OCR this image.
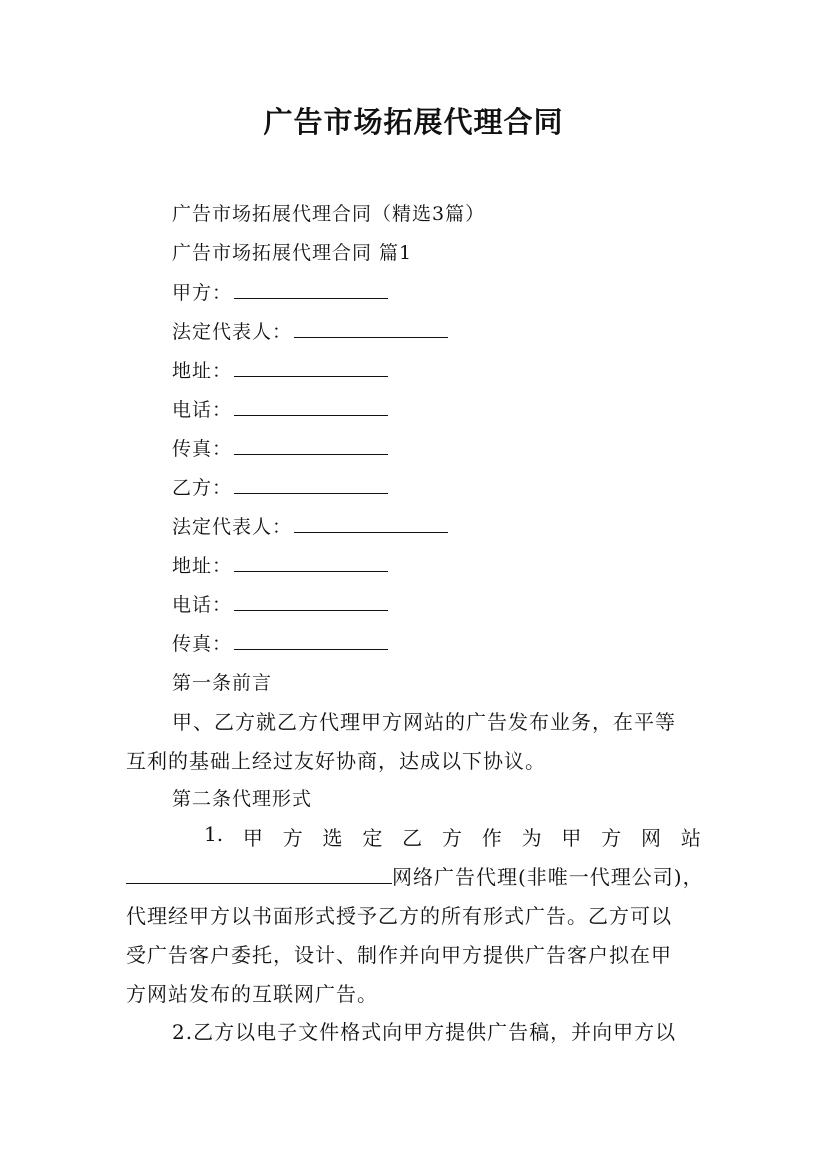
广告市场拓展代理合同
广告市场拓展代理合同（精选3篇）
广告市场拓展代理合同 篇1
甲方：
法定代表人：
地址：
电话：
传真：
乙方：
法定代表人：
地址：
电话：
传真：
第一条前言
甲、乙方就乙方代理甲方网站的广告发布业务，在平等
互利的基础上经过友好协商，达成以下协议。
第二条代理形式
1. 甲 方 选 定 乙 方 作 为 甲 方 网 站
网络广告代理(非唯一代理公司)，
代理经甲方以书面形式授予乙方的所有形式广告。乙方可以
受广告客户委托，设计、制作并向甲方提供广告客户拟在甲
方网站发布的互联网广告。
2.乙方以电子文件格式向甲方提供广告稿，并向甲方以
